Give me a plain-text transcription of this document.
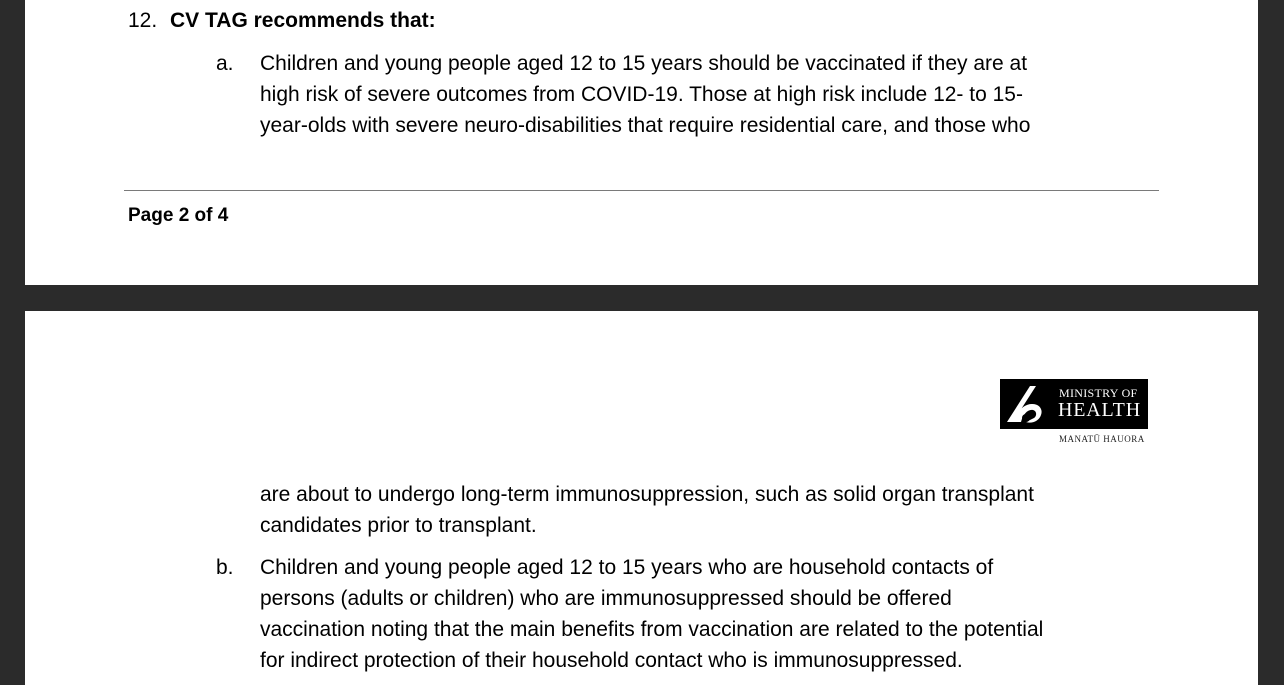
12. CV TAG recommends that:
a. Children and young people aged 12 to 15 years should be vaccinated if they are at
high risk of severe outcomes from COVID-19. Those at high risk include 12- to 15-
year-olds with severe neuro-disabilities that require residential care, and those who
Page 2 of 4
MINISTRY OF
HEALTH
MANATŪ HAUORA
are about to undergo long-term immunosuppression, such as solid organ transplant
candidates prior to transplant.
b. Children and young people aged 12 to 15 years who are household contacts of
persons (adults or children) who are immunosuppressed should be offered
vaccination noting that the main benefits from vaccination are related to the potential
for indirect protection of their household contact who is immunosuppressed.
